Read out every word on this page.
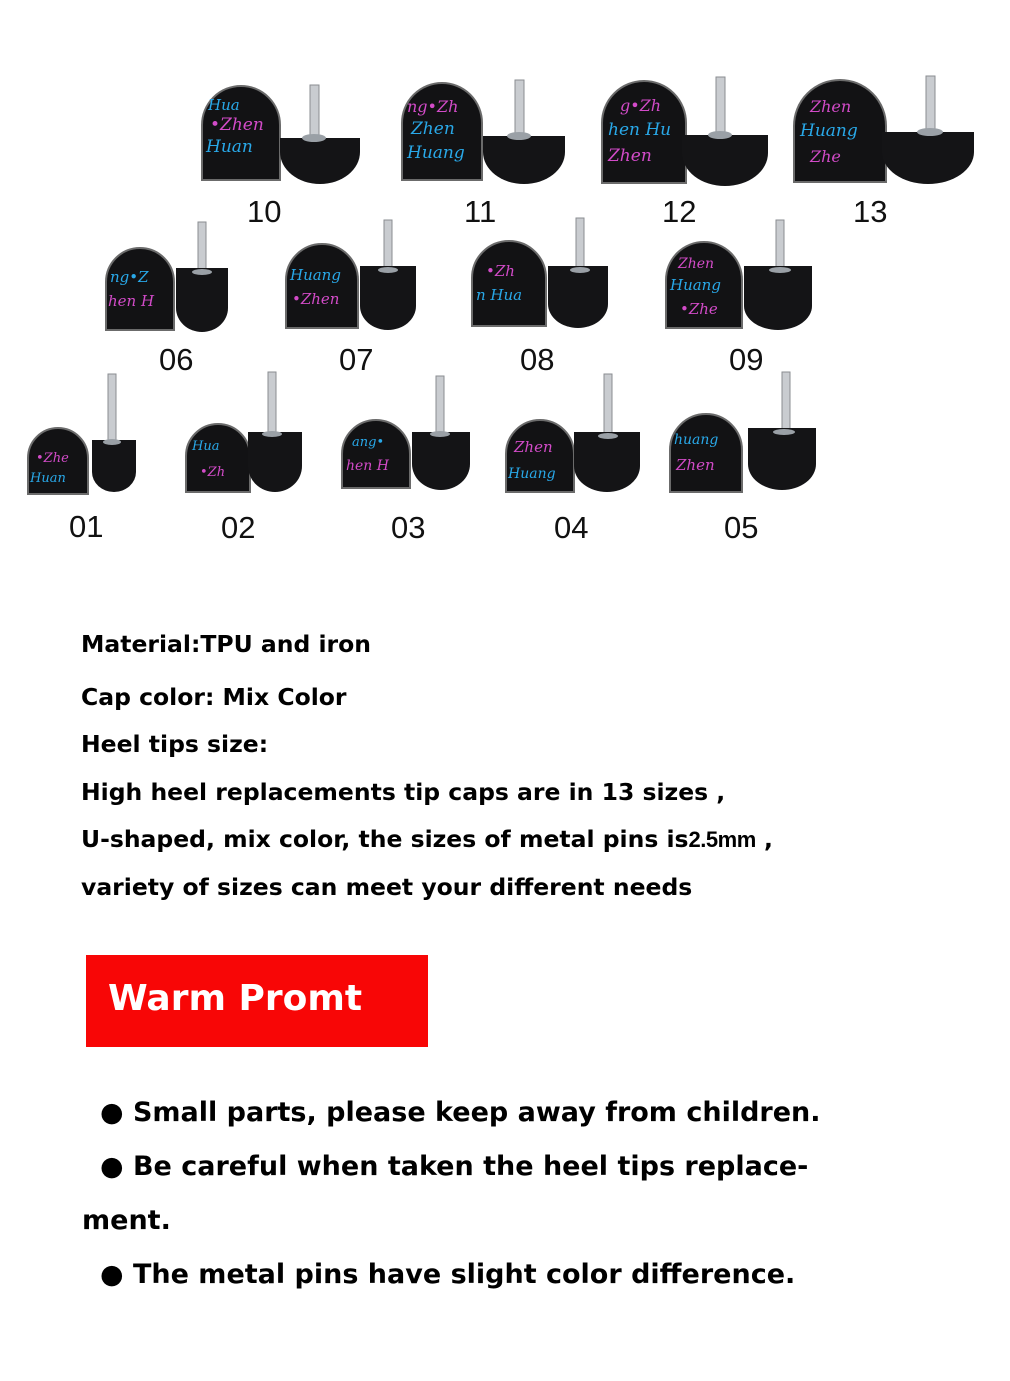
•Zhen
Huan
Hua
10
ng•Zh
Zhen
Huang
11
g•Zh
hen Hu
Zhen
12
Zhen
Huang
Zhe
13
ng•Z
hen H
06
Huang
•Zhen
07
•Zh
n Hua
08
Zhen
Huang
•Zhe
09
•Zhe
Huan
01
Hua
•Zh
02
ang•
hen H
03
Zhen
Huang
04
huang
Zhen
05
Material:TPU and iron
Cap color: Mix Color
Heel tips size:
High heel replacements tip caps are in 13 sizes ,
U-shaped, mix color, the sizes of metal pins is2.5mm ,
variety of sizes can meet your different needs
Warm Promt
● Small parts, please keep away from children.
● Be careful when taken the heel tips replace-
ment.
● The metal pins have slight color difference.
